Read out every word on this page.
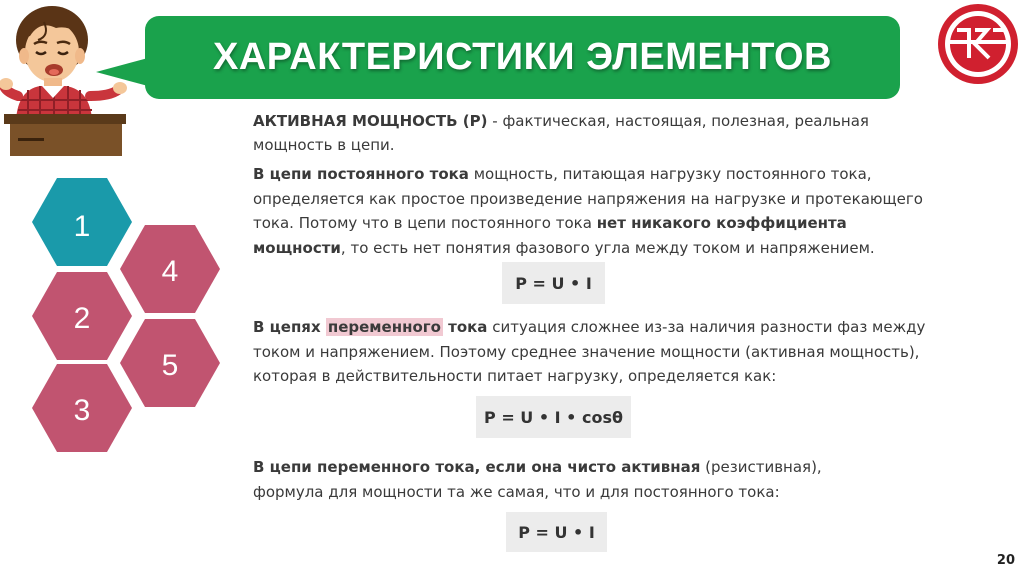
ХАРАКТЕРИСТИКИ ЭЛЕМЕНТОВ
1
4
2
5
3
АКТИВНАЯ МОЩНОСТЬ (P) - фактическая, настоящая, полезная, реальная мощность в цепи.
В цепи постоянного тока мощность, питающая нагрузку постоянного тока, определяется как простое произведение напряжения на нагрузке и протекающего тока. Потому что в цепи постоянного тока нет никакого коэффициента мощности, то есть нет понятия фазового угла между током и напряжением.
P = U • I
В цепях переменного тока ситуация сложнее из-за наличия разности фаз между током и напряжением. Поэтому среднее значение мощности (активная мощность), которая в действительности питает нагрузку, определяется как:
P = U • I • cosθ
В цепи переменного тока, если она чисто активная (резистивная), формула для мощности та же самая, что и для постоянного тока:
P = U • I
20
